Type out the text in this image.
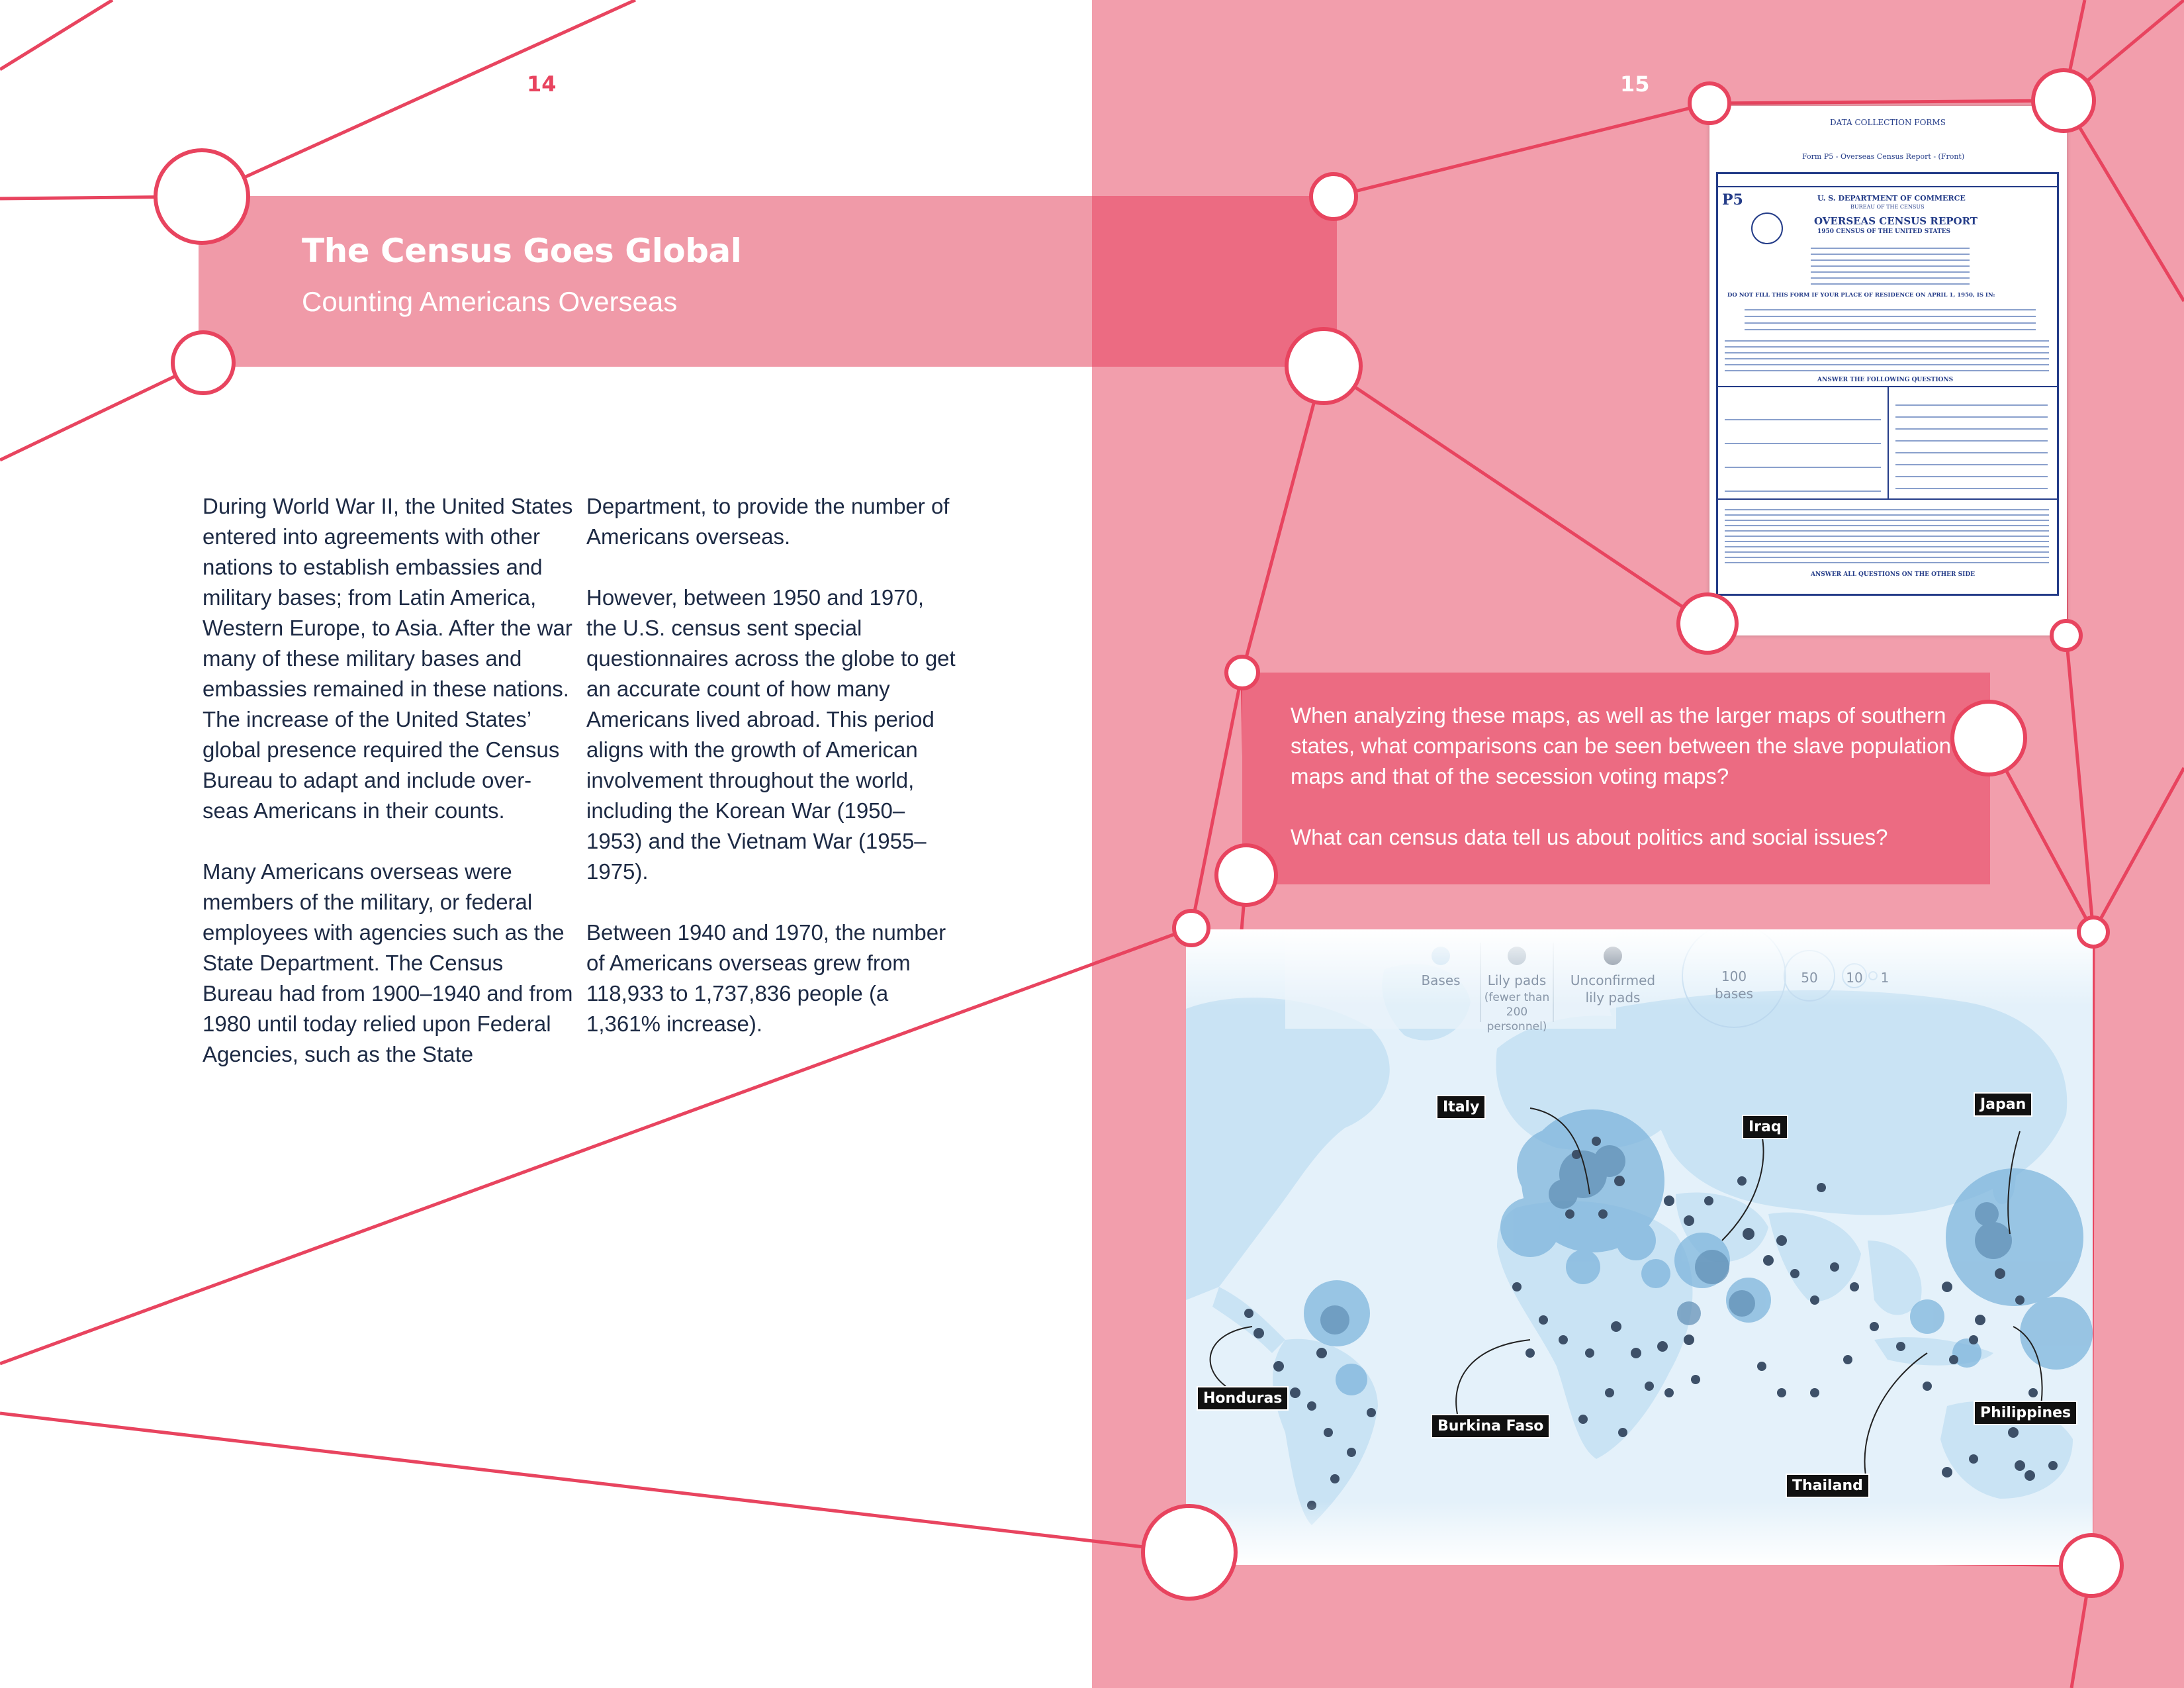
The Census Goes Global
Counting Americans Overseas
14	15

During World War II, the United States entered into agreements with other nations to establish embassies and military bases; from Latin America, Western Europe, to Asia. After the war many of these military bases and embassies remained in these nations. The increase of the United States’ global presence required the Census Bureau to adapt and include over-seas Americans in their counts.

Many Americans overseas were members of the military, or federal employees with agencies such as the State Department. The Census Bureau had from 1900–1940 and from 1980 until today relied upon Federal Agencies, such as the State

Department, to provide the number of Americans overseas.

However, between 1950 and 1970, the U.S. census sent special questionnaires across the globe to get an accurate count of how many Americans lived abroad. This period aligns with the growth of American involvement throughout the world, including the Korean War (1950–1953) and the Vietnam War (1955–1975).

Between 1940 and 1970, the number of Americans overseas grew from 118,933 to 1,737,836 people (a 1,361% increase).

DATA COLLECTION FORMS
Form P5 - Overseas Census Report - (Front)
P5	U. S. DEPARTMENT OF COMMERCE
BUREAU OF THE CENSUS
OVERSEAS CENSUS REPORT
1950 CENSUS OF THE UNITED STATES
DO NOT FILL THIS FORM IF YOUR PLACE OF RESIDENCE ON APRIL 1, 1950, IS IN:
ANSWER THE FOLLOWING QUESTIONS
ANSWER ALL QUESTIONS ON THE OTHER SIDE

When analyzing these maps, as well as the larger maps of southern states, what comparisons can be seen between the slave population maps and that of the secession voting maps?

What can census data tell us about politics and social issues?

Bases	Lily pads
(fewer than 200 personnel)
Unconfirmed lily pads
100 bases
50	10 1
Italy
Iraq
Japan
Honduras
Burkina Faso
Philippines
Thailand
